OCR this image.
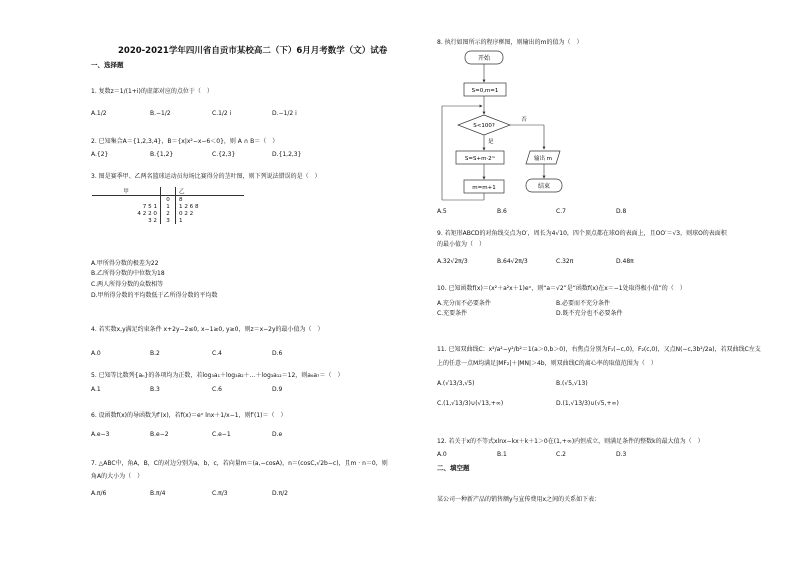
2020-2021学年四川省自贡市某校高二（下）6月月考数学（文）试卷
一、选择题
1. 复数z＝1/(1+i)的虚部对应的点位于（　）
A.1/2	B.−1/2	C.1/2 i	D.−1/2 i
2. 已知集合A＝{1,2,3,4}，B＝{x|x²−x−6＜0}，则 A ∩ B＝（　）
A.{2}	B.{1,2}	C.{2,3}	D.{1,2,3}
3. 图是赛季甲、乙两名篮球运动员每场比赛得分的茎叶图，则下列说法错误的是（　）
甲		乙
	0	8
7 5 1	1	1 2 6 8
4 2 2 0	2	0 2 2
3 2	3	1
A.甲所得分数的极差为22
B.乙所得分数的中位数为18
C.两人所得分数的众数相等
D.甲所得分数的平均数低于乙所得分数的平均数
4. 若实数x,y满足约束条件 x+2y−2≤0, x−1≥0, y≥0，则z＝x−2y的最小值为（　）
A.0	B.2	C.4	D.6
5. 已知等比数列{aₙ}的各项均为正数，若log₃a₁＋log₃a₂＋…＋log₃a₁₂＝12，则a₆a₇＝（　）
A.1	B.3	C.6	D.9
6. 设函数f(x)的导函数为f′(x)，若f(x)＝eˣ lnx＋1/x−1，则f′(1)＝（　）
A.e−3	B.e−2	C.e−1	D.e
7. △ABC中，角A，B，C的对边分别为a，b，c，若向量m＝(a,−cosA)，n＝(cosC,√2b−c)，且m · n＝0，则
角A的大小为（　）
A.π/6	B.π/4	C.π/3	D.π/2
8. 执行如图所示的程序框图，则输出的m的值为（　）
开始
S=0,m=1
S<100?
否
是
S=S+m·2ᵐ
m=m+1
输出 m
结束
A.5	B.6	C.7	D.8
9. 若矩形ABCD的对角线交点为O′，周长为4√10，四个顶点都在球O的表面上，且OO′＝√3，则球O的表面积
的最小值为（　）
A.32√2π/3	B.64√2π/3	C.32π	D.48π
10. 已知函数f(x)＝(x²＋a²x＋1)eˣ，则“a＝√2”是“函数f(x)在x＝−1处取得极小值”的（　）
A.充分而不必要条件	B.必要而不充分条件
C.充要条件	D.既不充分也不必要条件
11. 已知双曲线C：x²/a²−y²/b²＝1(a＞0,b＞0)，右焦点分别为F₁(−c,0)，F₂(c,0)，又点N(−c,3b²/2a)，若双曲线C左支
上的任意一点M均满足|MF₂|＋|MN|＞4b，则双曲线C的离心率的取值范围为（　）
A.(√13/3,√5)	B.(√5,√13)
C.(1,√13/3)∪(√13,+∞)	D.(1,√13/3)∪(√5,+∞)
12. 若关于x的不等式xlnx−kx＋k＋1＞0在(1,+∞)内恒成立，则满足条件的整数k的最大值为（　）
A.0	B.1	C.2	D.3
二、填空题
某公司一种新产品的销售额y与宣传费用x之间的关系如下表：
